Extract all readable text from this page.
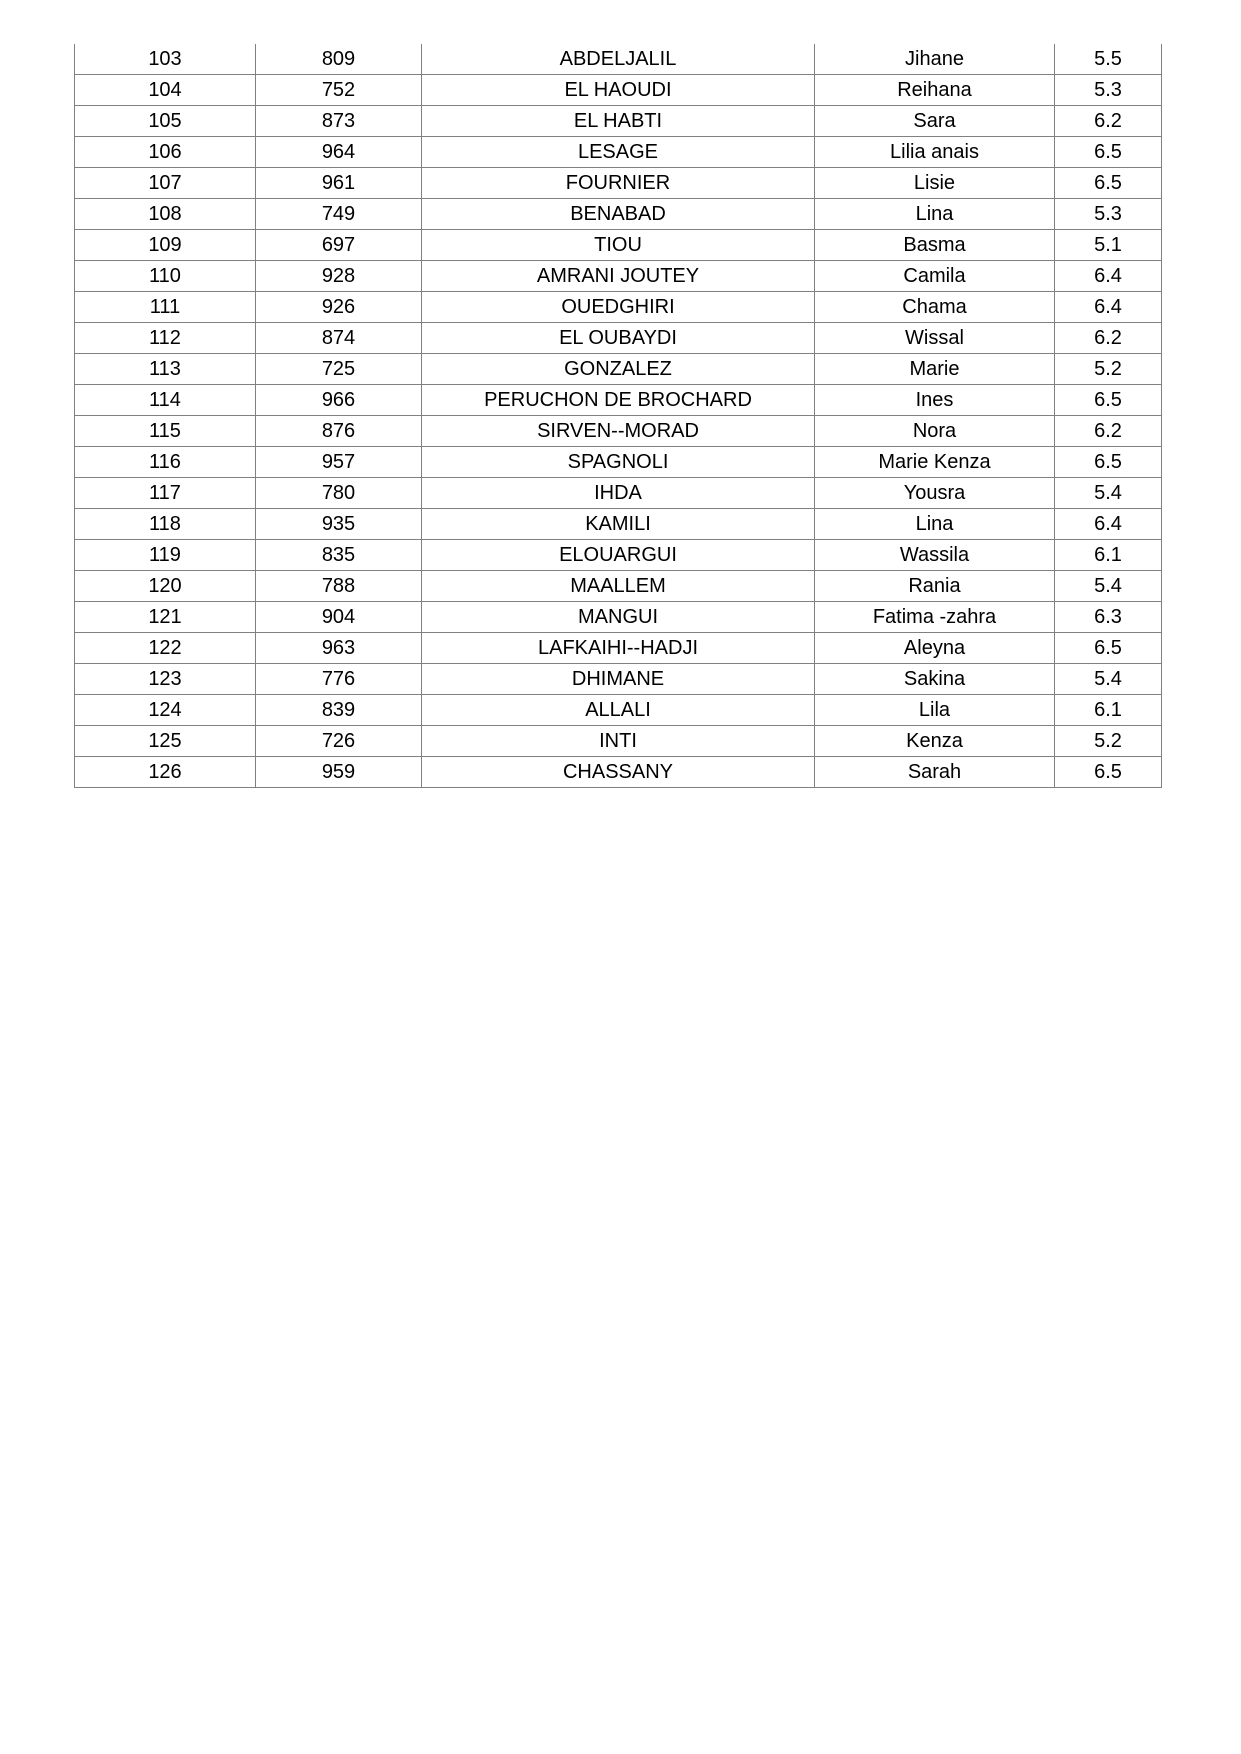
103	809	ABDELJALIL	Jihane	5.5
104	752	EL HAOUDI	Reihana	5.3
105	873	EL HABTI	Sara	6.2
106	964	LESAGE	Lilia anais	6.5
107	961	FOURNIER	Lisie	6.5
108	749	BENABAD	Lina	5.3
109	697	TIOU	Basma	5.1
110	928	AMRANI JOUTEY	Camila	6.4
111	926	OUEDGHIRI	Chama	6.4
112	874	EL OUBAYDI	Wissal	6.2
113	725	GONZALEZ	Marie	5.2
114	966	PERUCHON DE BROCHARD	Ines	6.5
115	876	SIRVEN--MORAD	Nora	6.2
116	957	SPAGNOLI	Marie Kenza	6.5
117	780	IHDA	Yousra	5.4
118	935	KAMILI	Lina	6.4
119	835	ELOUARGUI	Wassila	6.1
120	788	MAALLEM	Rania	5.4
121	904	MANGUI	Fatima -zahra	6.3
122	963	LAFKAIHI--HADJI	Aleyna	6.5
123	776	DHIMANE	Sakina	5.4
124	839	ALLALI	Lila	6.1
125	726	INTI	Kenza	5.2
126	959	CHASSANY	Sarah	6.5
